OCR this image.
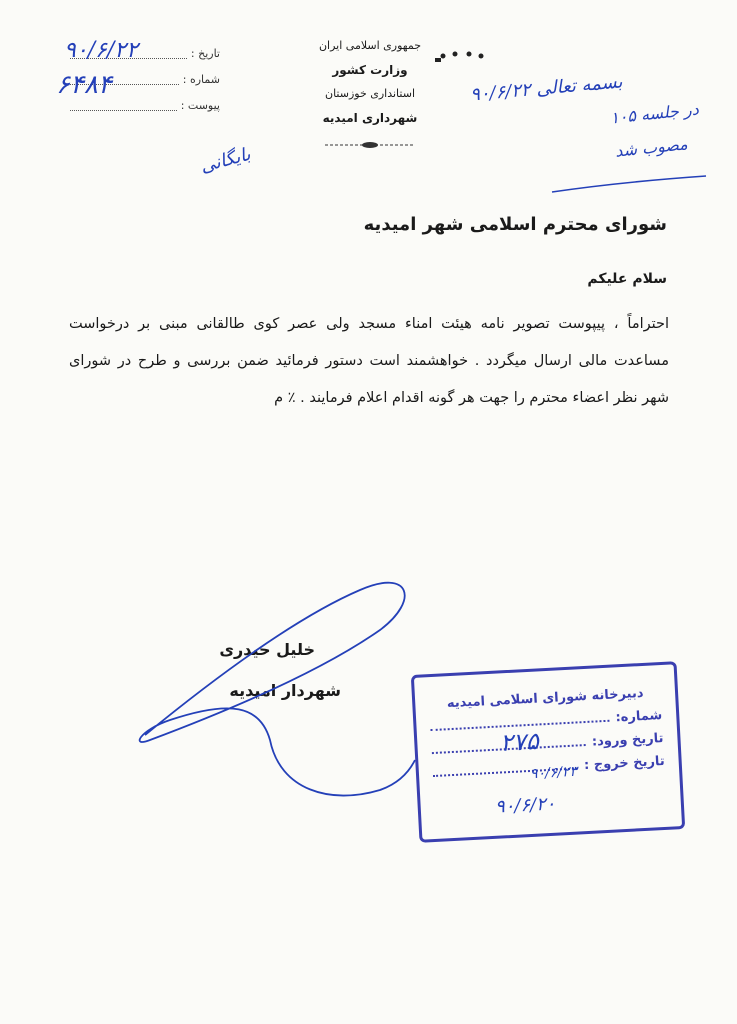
تاریخ :
شماره :
پیوست :
۹۰/۶/۲۲
۶۴۸۴
جمهوری اسلامی ایران
وزارت کشور
استانداری خوزستان
شهرداری امیدیه
بسمه تعالی ۹۰/۶/۲۲
در جلسه ۱۰۵
مصوب شد
بایگانی
شورای محترم اسلامی شهر امیدیه
سلام علیکم
احتراماً ، پیپوست تصویر نامه هیئت امناء مسجد ولی عصر کوی طالقانی مبنی بر درخواست مساعدت مالی ارسال میگردد . خواهشمند است دستور فرمائید ضمن بررسی و طرح در شورای شهر نظر اعضاء محترم را جهت هر گونه اقدام اعلام فرمایند . ٪ م
خلیل حیدری
شهردار امیدیه	دبیرخانه شورای اسلامی امیدیه
شماره:
تاریخ ورود:
تاریخ خروج :
۲۷۵
۹۰/۶/۲۳
۹۰/۶/۲۰
